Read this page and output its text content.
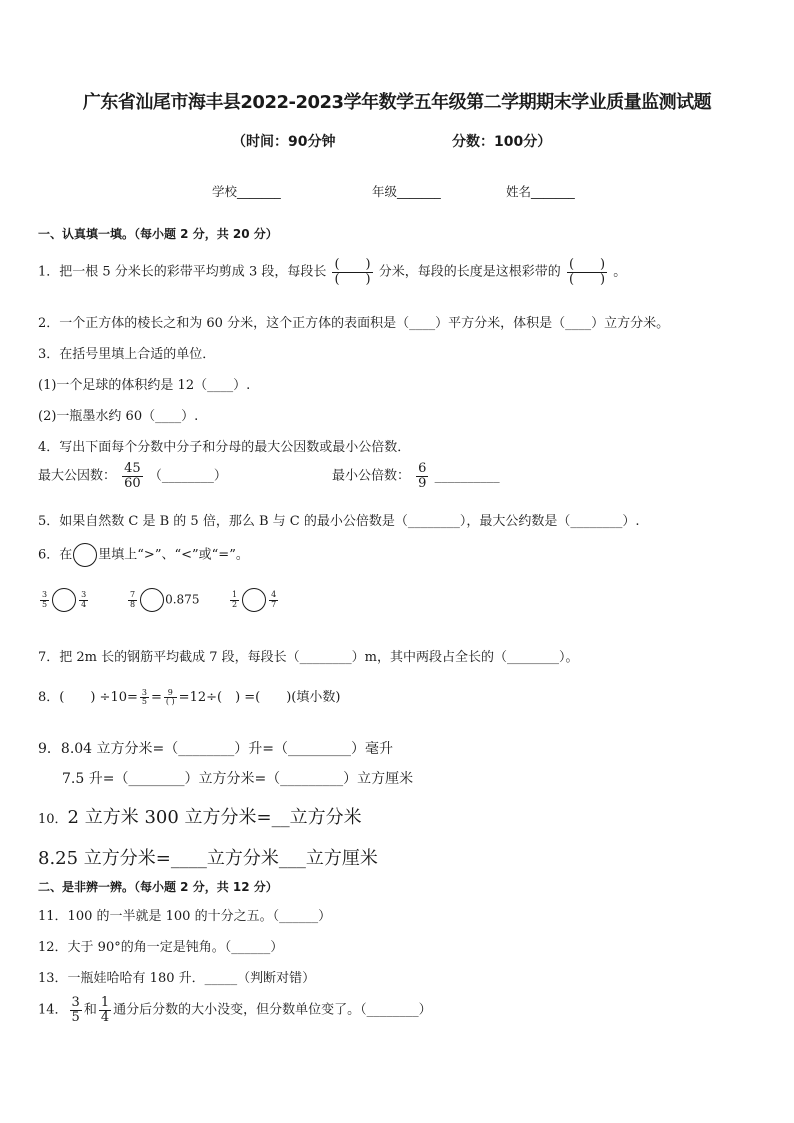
广东省汕尾市海丰县2022-2023学年数学五年级第二学期期末学业质量监测试题
（时间：90分钟	分数：100分）
学校_______	年级_______	姓名_______
一、认真填一填。（每小题 2 分，共 20 分）
1．把一根 5 分米长的彩带平均剪成 3 段，每段长 $\frac{( )}{( )}$ 分米，每段的长度是这根彩带的 $\frac{( )}{( )}$ 。
2．一个正方体的棱长之和为 60 分米，这个正方体的表面积是（____）平方分米，体积是（____）立方分米。
3．在括号里填上合适的单位．
(1)一个足球的体积约是 12（____）.
(2)一瓶墨水约 60（____）.
4．写出下面每个分数中分子和分母的最大公因数或最小公倍数．
最大公因数： $\frac{45}{60}$ （________）	最小公倍数： $\frac{6}{9}$ __________
5．如果自然数 C 是 B 的 5 倍，那么 B 与 C 的最小公倍数是（________），最大公约数是（________）.
6．在 里填上“>”、“<”或“=”。
$\frac{3}{5}$	$\frac{3}{4}$	$\frac{7}{8} 0.875$	$\frac{1}{2}$	$\frac{4}{7}$
7．把 2m 长的钢筋平均截成 7 段，每段长（________）m，其中两段占全长的（________）。
8．(　　) $\div 10= \frac{3}{5} = \frac{9}{( )} =12\div$(　) =(　　)(填小数)
9．8.04 立方分米=（________）升=（_________）毫升
7.5 升=（________）立方分米=（_________）立方厘米
10．2 立方米 300 立方分米=__立方分米
8.25 立方分米=____立方分米___立方厘米
二、是非辨一辨。（每小题 2 分，共 12 分）
11．100 的一半就是 100 的十分之五。（______）
12．大于 90°的角一定是钝角。（______）
13．一瓶娃哈哈有 180 升．_____（判断对错）
14． $\frac{3}{5}$ 和 $\frac{1}{4}$ 通分后分数的大小没变，但分数单位变了。（________）
